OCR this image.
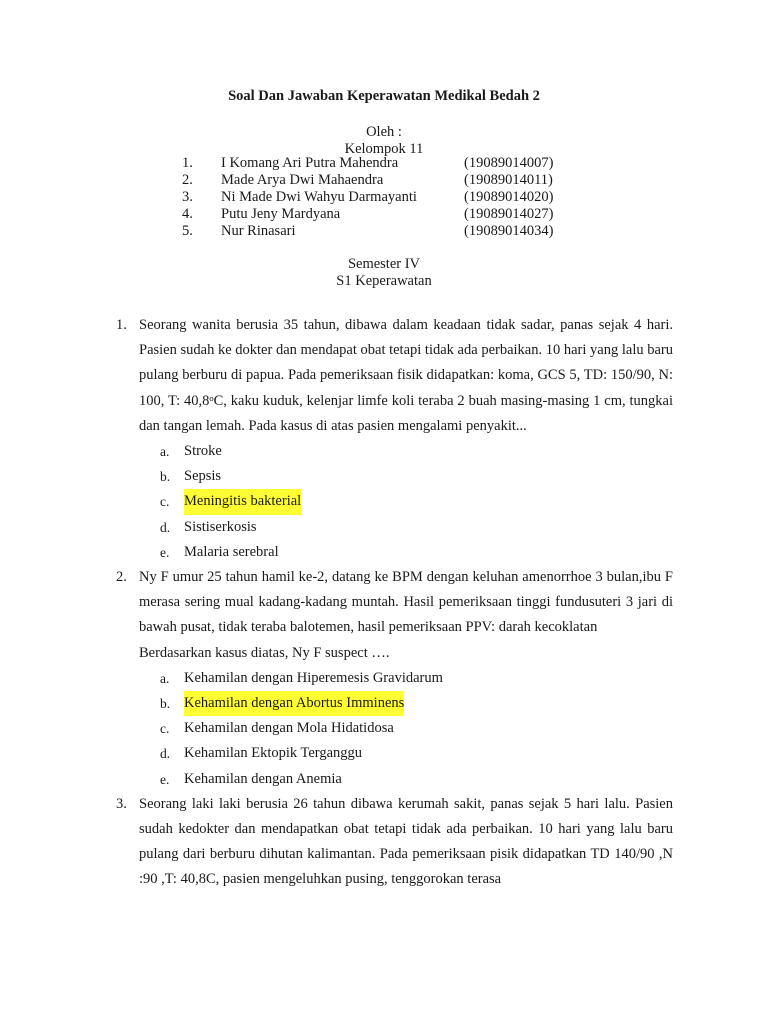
Soal Dan Jawaban Keperawatan Medikal Bedah 2
Oleh :
Kelompok 11
1.	I Komang Ari Putra Mahendra	(19089014007)
2.	Made Arya Dwi Mahaendra	(19089014011)
3.	Ni Made Dwi Wahyu Darmayanti	(19089014020)
4.	Putu Jeny Mardyana	(19089014027)
5.	Nur Rinasari	(19089014034)
Semester IV
S1 Keperawatan
1. Seorang wanita berusia 35 tahun, dibawa dalam keadaan tidak sadar, panas sejak 4 hari. Pasien sudah ke dokter dan mendapat obat tetapi tidak ada perbaikan. 10 hari yang lalu baru pulang berburu di papua. Pada pemeriksaan fisik didapatkan: koma, GCS 5, TD: 150/90, N: 100, T: 40,8ᵒC, kaku kuduk, kelenjar limfe koli teraba 2 buah masing-masing 1 cm, tungkai dan tangan lemah. Pada kasus di atas pasien mengalami penyakit...
a. Stroke
b. Sepsis
c. Meningitis bakterial
d. Sistiserkosis
e. Malaria serebral
2. Ny F umur 25 tahun hamil ke-2, datang ke BPM dengan keluhan amenorrhoe 3 bulan,ibu F merasa sering mual kadang-kadang muntah. Hasil pemeriksaan tinggi fundusuteri 3 jari di bawah pusat, tidak teraba balotemen, hasil pemeriksaan PPV: darah kecoklatan
Berdasarkan kasus diatas, Ny F suspect ….
a. Kehamilan dengan Hiperemesis Gravidarum
b. Kehamilan dengan Abortus Imminens
c. Kehamilan dengan Mola Hidatidosa
d. Kehamilan Ektopik Terganggu
e. Kehamilan dengan Anemia
3. Seorang laki laki berusia 26 tahun dibawa kerumah sakit, panas sejak 5 hari lalu. Pasien sudah kedokter dan mendapatkan obat tetapi tidak ada perbaikan. 10 hari yang lalu baru pulang dari berburu dihutan kalimantan. Pada pemeriksaan pisik didapatkan TD 140/90 ,N :90 ,T: 40,8C, pasien mengeluhkan pusing, tenggorokan terasa
